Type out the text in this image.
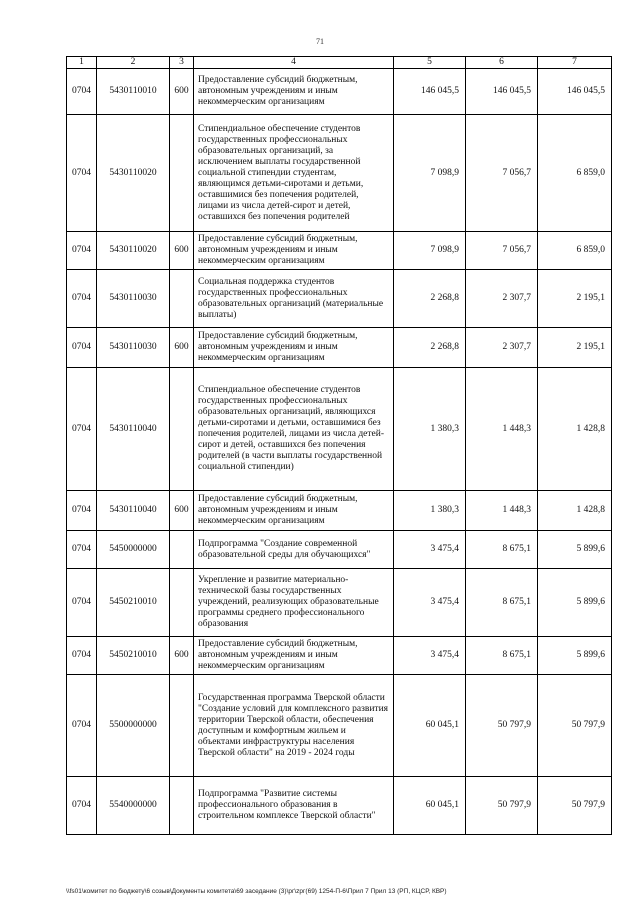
71
1	2	3	4	5	6	7
0704	5430110010	600	Предоставление субсидий бюджетным, автономным учреждениям и иным некоммерческим организациям	146 045,5	146 045,5	146 045,5
0704	5430110020		Стипендиальное обеспечение студентов государственных профессиональных образовательных организаций, за исключением выплаты государственной социальной стипендии студентам, являющимся детьми-сиротами и детьми, оставшимися без попечения родителей, лицами из числа детей-сирот и детей, оставшихся без попечения родителей	7 098,9	7 056,7	6 859,0
0704	5430110020	600	Предоставление субсидий бюджетным, автономным учреждениям и иным некоммерческим организациям	7 098,9	7 056,7	6 859,0
0704	5430110030		Социальная поддержка студентов государственных профессиональных образовательных организаций (материальные выплаты)	2 268,8	2 307,7	2 195,1
0704	5430110030	600	Предоставление субсидий бюджетным, автономным учреждениям и иным некоммерческим организациям	2 268,8	2 307,7	2 195,1
0704	5430110040		Стипендиальное обеспечение студентов государственных профессиональных образовательных организаций, являющихся детьми-сиротами и детьми, оставшимися без попечения родителей, лицами из числа детей-сирот и детей, оставшихся без попечения родителей (в части выплаты государственной социальной стипендии)	1 380,3	1 448,3	1 428,8
0704	5430110040	600	Предоставление субсидий бюджетным, автономным учреждениям и иным некоммерческим организациям	1 380,3	1 448,3	1 428,8
0704	5450000000		Подпрограмма "Создание современной образовательной среды для обучающихся"	3 475,4	8 675,1	5 899,6
0704	5450210010		Укрепление и развитие материально-технической базы государственных учреждений, реализующих образовательные программы среднего профессионального образования	3 475,4	8 675,1	5 899,6
0704	5450210010	600	Предоставление субсидий бюджетным, автономным учреждениям и иным некоммерческим организациям	3 475,4	8 675,1	5 899,6
0704	5500000000		Государственная программа Тверской области "Создание условий для комплексного развития территории Тверской области, обеспечения доступным и комфортным жильем и объектами инфраструктуры населения Тверской области" на 2019 - 2024 годы	60 045,1	50 797,9	50 797,9
0704	5540000000		Подпрограмма "Развитие системы профессионального образования в строительном комплексе Тверской области"	60 045,1	50 797,9	50 797,9
\\fs01\комитет по бюджету\6 созыв\Документы комитета\69 заседание (3)\рг\zрг(69) 1254-П-6\Прил 7 Прил 13 (РП, КЦСР, КВР)
